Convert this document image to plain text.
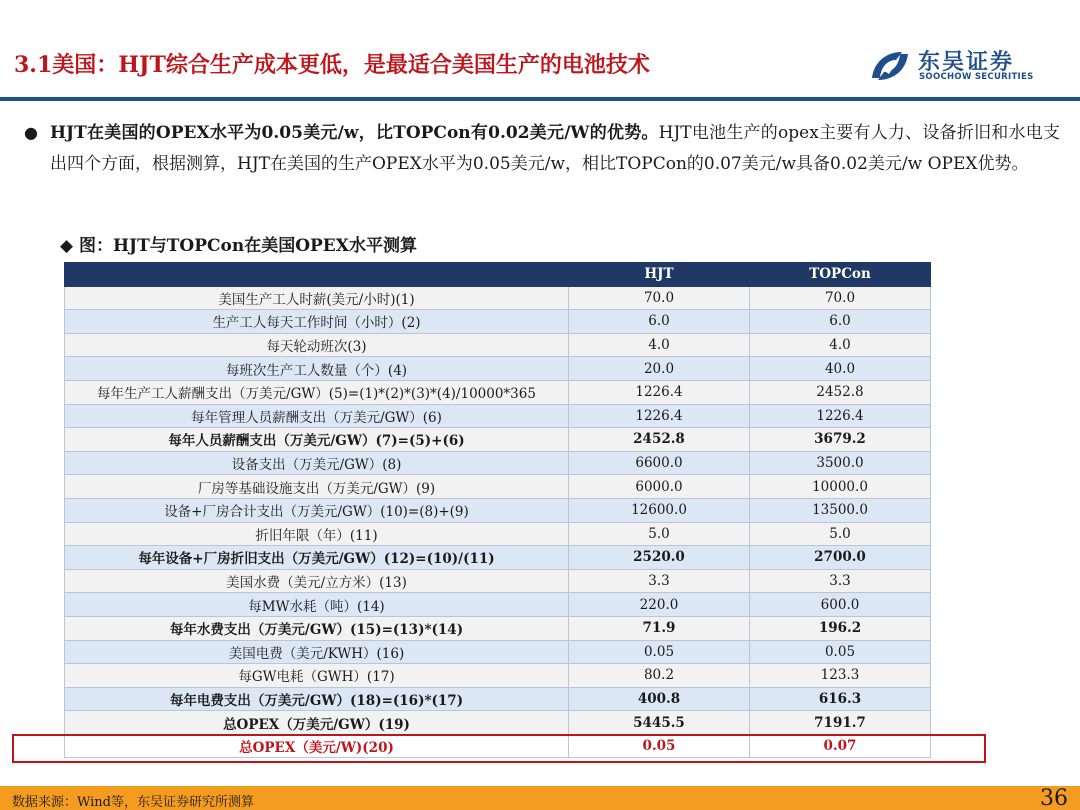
3.1美国：HJT综合生产成本更低，是最适合美国生产的电池技术	东吴证券
SOOCHOW SECURITIES
● HJT在美国的OPEX水平为0.05美元/w，比TOPCon有0.02美元/W的优势。HJT电池生产的opex主要有人力、设备折旧和水电支出四个方面，根据测算，HJT在美国的生产OPEX水平为0.05美元/w，相比TOPCon的0.07美元/w具备0.02美元/w OPEX优势。
◆ 图：HJT与TOPCon在美国OPEX水平测算
	HJT	TOPCon
美国生产工人时薪(美元/小时)(1)	70.0	70.0
生产工人每天工作时间（小时）(2)	6.0	6.0
每天轮动班次(3)	4.0	4.0
每班次生产工人数量（个）(4)	20.0	40.0
每年生产工人薪酬支出（万美元/GW）(5)=(1)*(2)*(3)*(4)/10000*365	1226.4	2452.8
每年管理人员薪酬支出（万美元/GW）(6)	1226.4	1226.4
每年人员薪酬支出（万美元/GW）(7)=(5)+(6)	2452.8	3679.2
设备支出（万美元/GW）(8)	6600.0	3500.0
厂房等基础设施支出（万美元/GW）(9)	6000.0	10000.0
设备+厂房合计支出（万美元/GW）(10)=(8)+(9)	12600.0	13500.0
折旧年限（年）(11)	5.0	5.0
每年设备+厂房折旧支出（万美元/GW）(12)=(10)/(11)	2520.0	2700.0
美国水费（美元/立方米）(13)	3.3	3.3
每MW水耗（吨）(14)	220.0	600.0
每年水费支出（万美元/GW）(15)=(13)*(14)	71.9	196.2
美国电费（美元/KWH）(16)	0.05	0.05
每GW电耗（GWH）(17)	80.2	123.3
每年电费支出（万美元/GW）(18)=(16)*(17)	400.8	616.3
总OPEX（万美元/GW）(19)	5445.5	7191.7
总OPEX（美元/W)(20)	0.05	0.07
数据来源：Wind等，东吴证券研究所测算	36
